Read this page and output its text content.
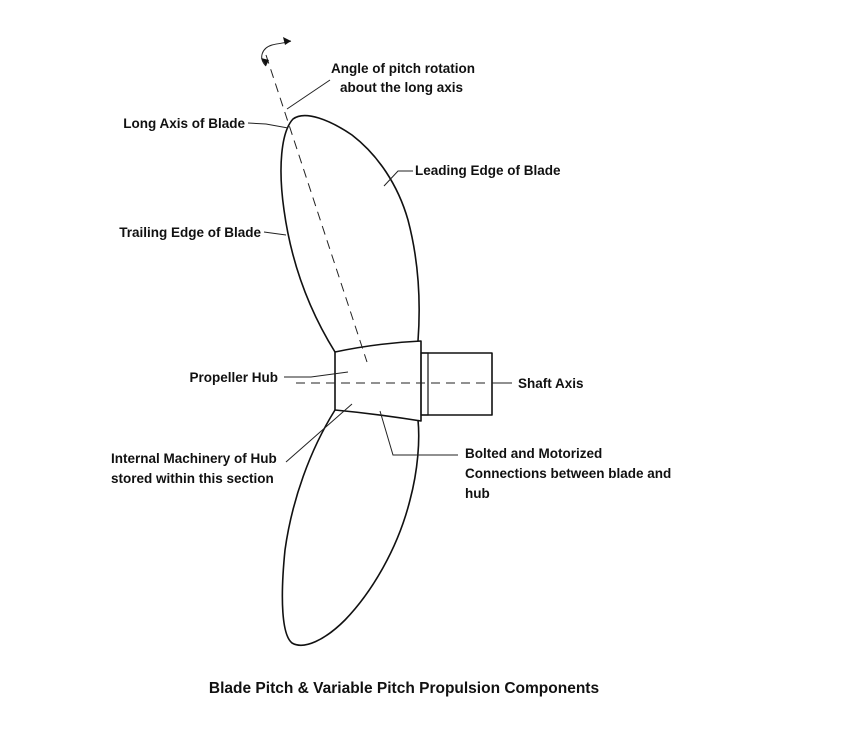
Angle of pitch rotation
about the long axis
Long Axis of Blade
Leading Edge of Blade
Trailing Edge of Blade
Propeller Hub	Shaft Axis
Internal Machinery of Hub
stored within this section
Bolted and Motorized
Connections between blade and
hub
Blade Pitch & Variable Pitch Propulsion Components
